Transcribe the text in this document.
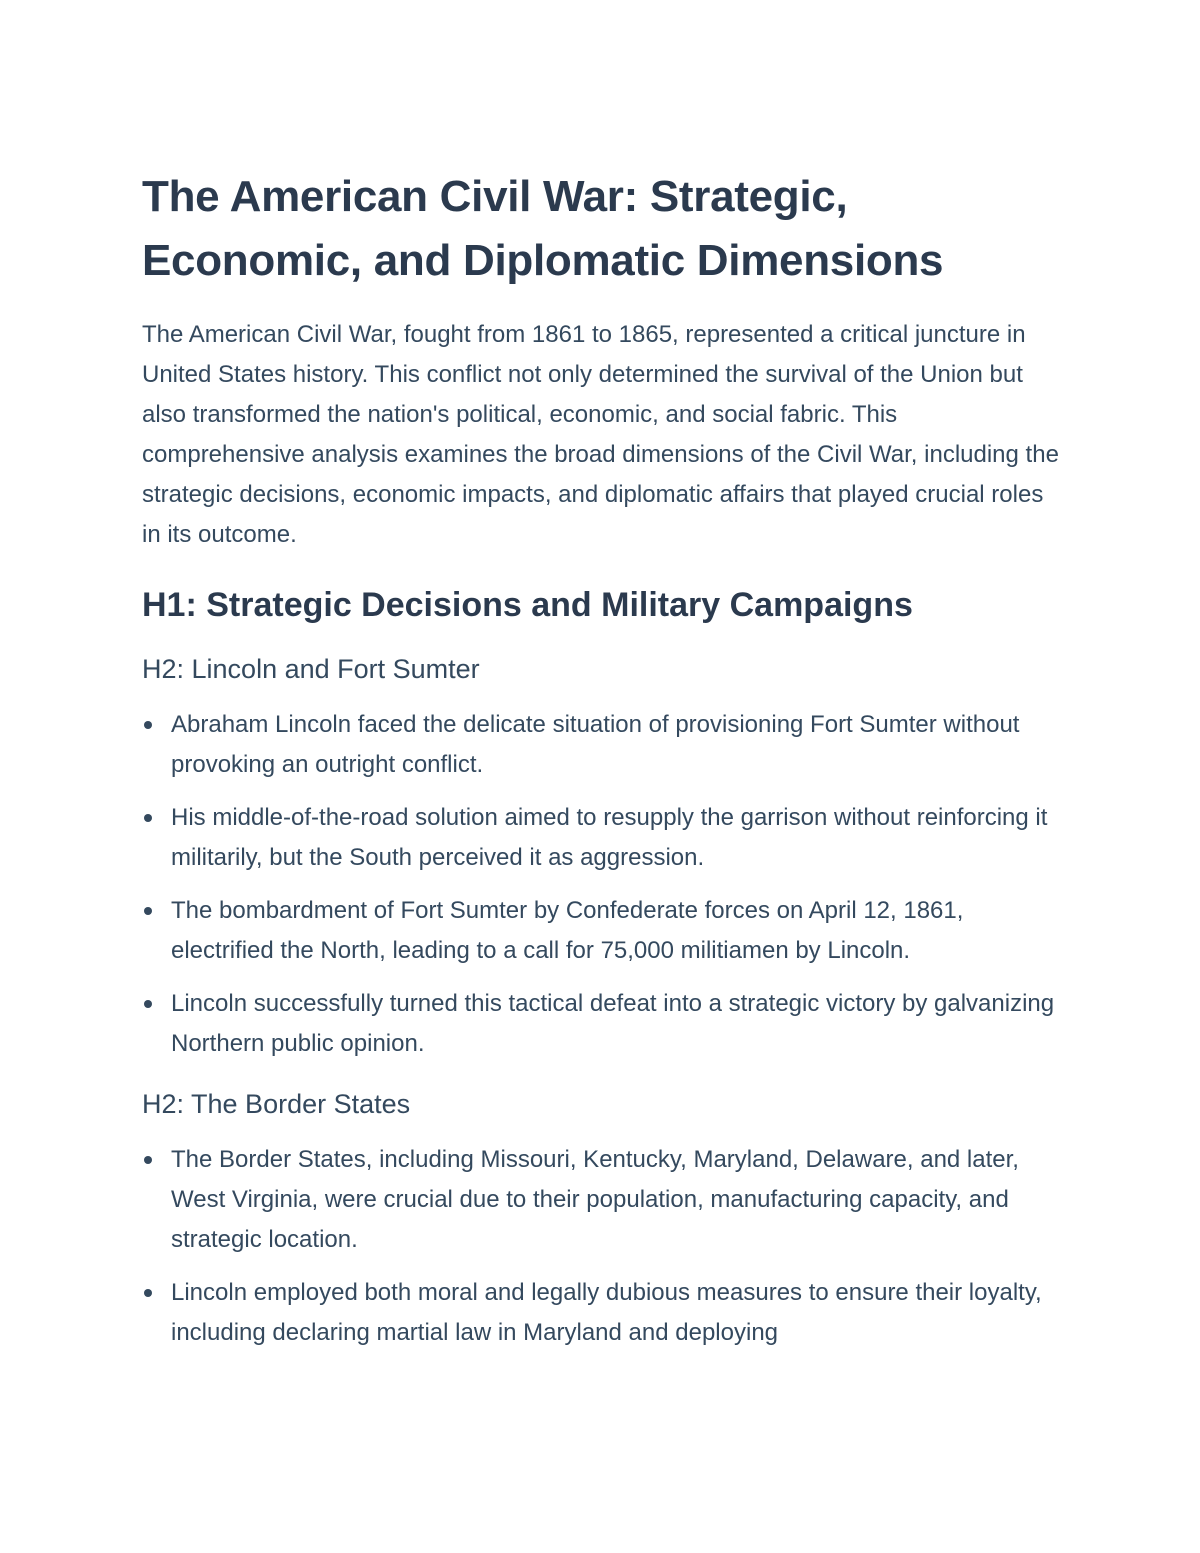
The American Civil War: Strategic, Economic, and Diplomatic Dimensions

The American Civil War, fought from 1861 to 1865, represented a critical juncture in United States history. This conflict not only determined the survival of the Union but also transformed the nation's political, economic, and social fabric. This comprehensive analysis examines the broad dimensions of the Civil War, including the strategic decisions, economic impacts, and diplomatic affairs that played crucial roles in its outcome.

H1: Strategic Decisions and Military Campaigns
H2: Lincoln and Fort Sumter
Abraham Lincoln faced the delicate situation of provisioning Fort Sumter without provoking an outright conflict.
His middle-of-the-road solution aimed to resupply the garrison without reinforcing it militarily, but the South perceived it as aggression.
The bombardment of Fort Sumter by Confederate forces on April 12, 1861, electrified the North, leading to a call for 75,000 militiamen by Lincoln.
Lincoln successfully turned this tactical defeat into a strategic victory by galvanizing Northern public opinion.
H2: The Border States
The Border States, including Missouri, Kentucky, Maryland, Delaware, and later, West Virginia, were crucial due to their population, manufacturing capacity, and strategic location.
Lincoln employed both moral and legally dubious measures to ensure their loyalty, including declaring martial law in Maryland and deploying
